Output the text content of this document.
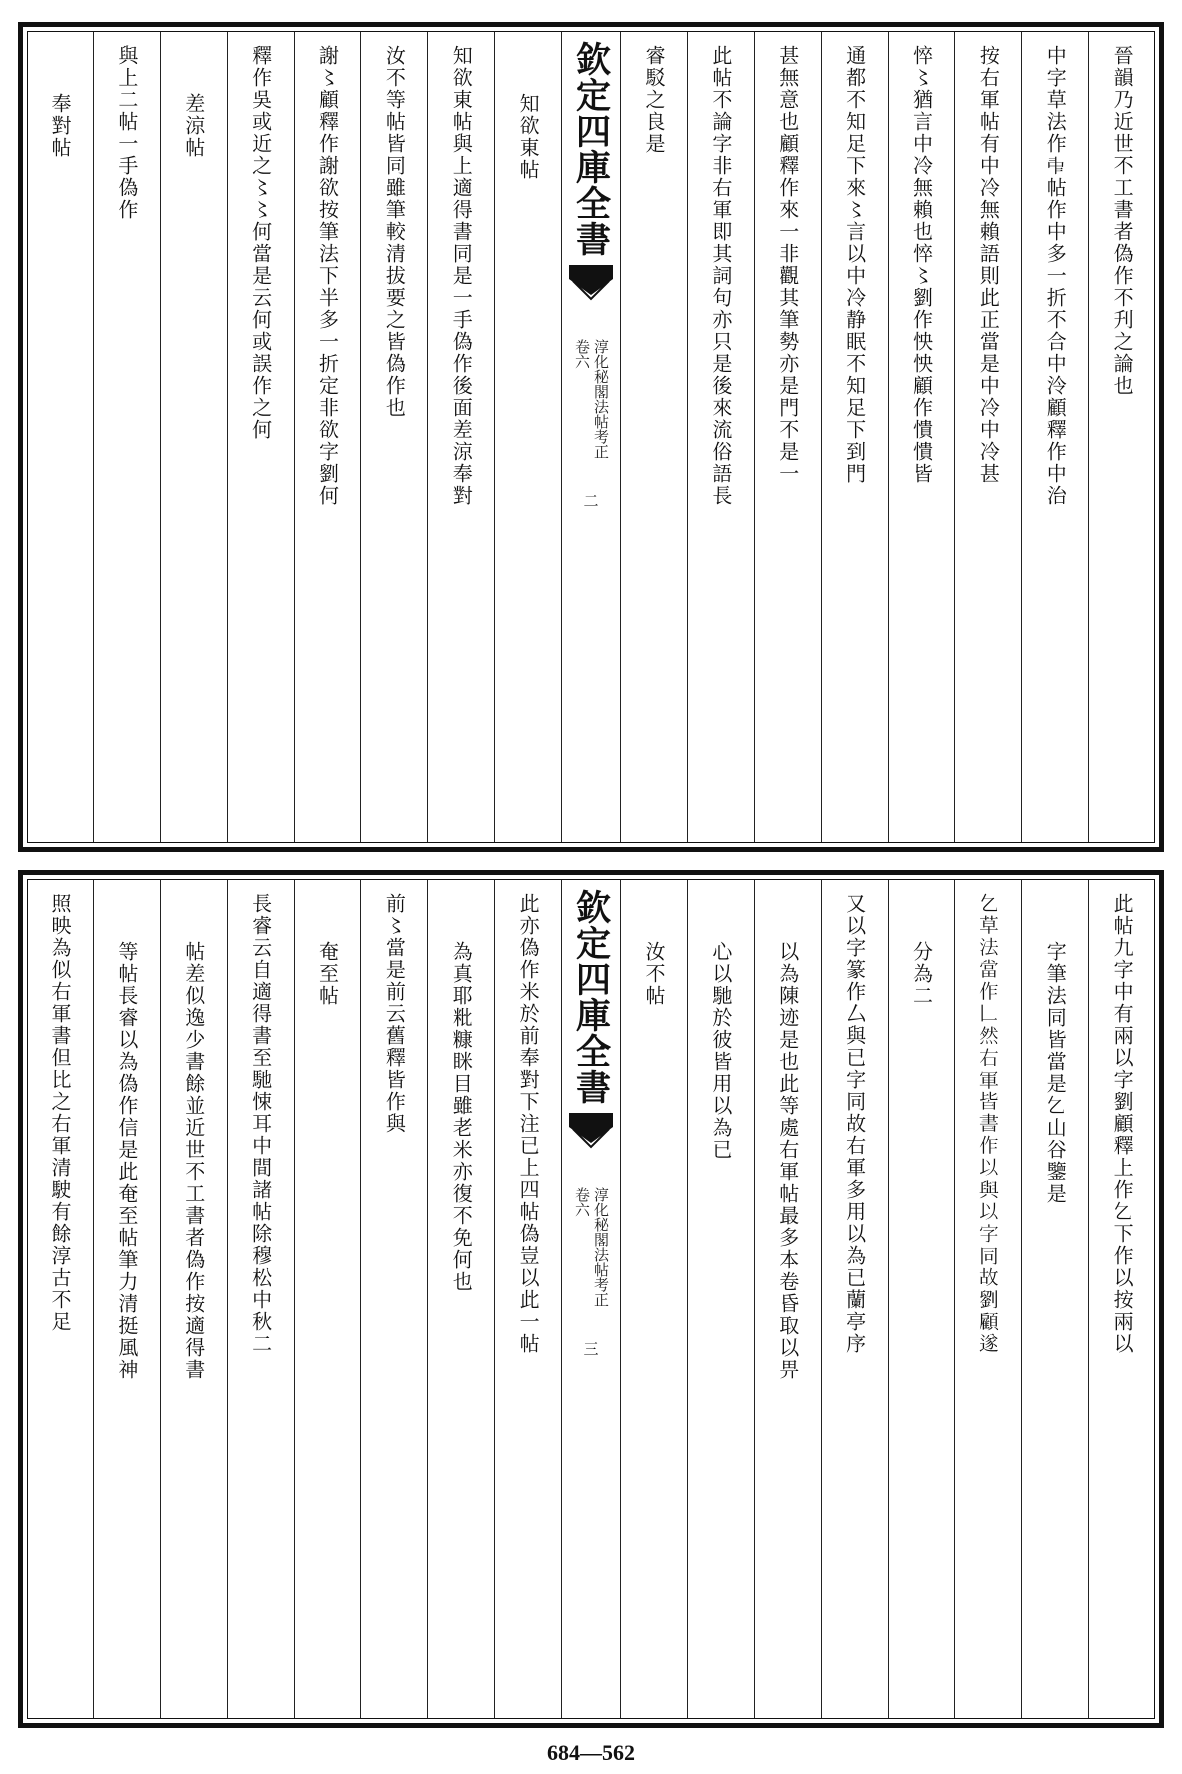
晉韻乃近世不工書者偽作不刋之論也
中字草法作𠁩帖作中多一折不合中泠顧釋作中治
按右軍帖有中冷無賴語則此正當是中冷中冷甚
悴〻猶言中冷無賴也悴〻劉作怏怏顧作憒憒皆
通都不知足下來〻言以中冷静眠不知足下到門
甚無意也顧釋作來一非觀其筆勢亦是門不是一
此帖不論字非右軍即其詞句亦只是後來流俗語長
睿駁之良是
欽定四庫全書
淳化秘閣法帖考正
卷六
二
知欲東帖
知欲東帖與上適得書同是一手偽作後面差涼奉對
汝不等帖皆同雖筆較清拔要之皆偽作也
謝〻顧釋作謝欲按筆法下半多一折定非欲字劉何
釋作吳或近之〻〻何當是云何或誤作之何
差涼帖
與上二帖一手偽作
奉對帖
此帖九字中有兩以字劉顧釋上作𠃉下作以按兩以
字筆法同皆當是𠃉山谷鑒是
𠃉草法當作𠃊然右軍皆書作以與以字同故劉顧遂
分為二
又以字篆作厶與已字同故右軍多用以為已蘭亭序
以為陳迹是也此等處右軍帖最多本卷昏取以畀
心以馳於彼皆用以為已
汝不帖
欽定四庫全書
淳化秘閣法帖考正
卷六
三
此亦偽作米於前奉對下注已上四帖偽豈以此一帖
為真耶粃糠眯目雖老米亦復不免何也
前〻當是前云舊釋皆作與
奄至帖
長睿云自適得書至馳悚耳中間諸帖除穆松中秋二
帖差似逸少書餘並近世不工書者偽作按適得書
等帖長睿以為偽作信是此奄至帖筆力清挺風神
照映為似右軍書但比之右軍清駛有餘淳古不足
684—562
